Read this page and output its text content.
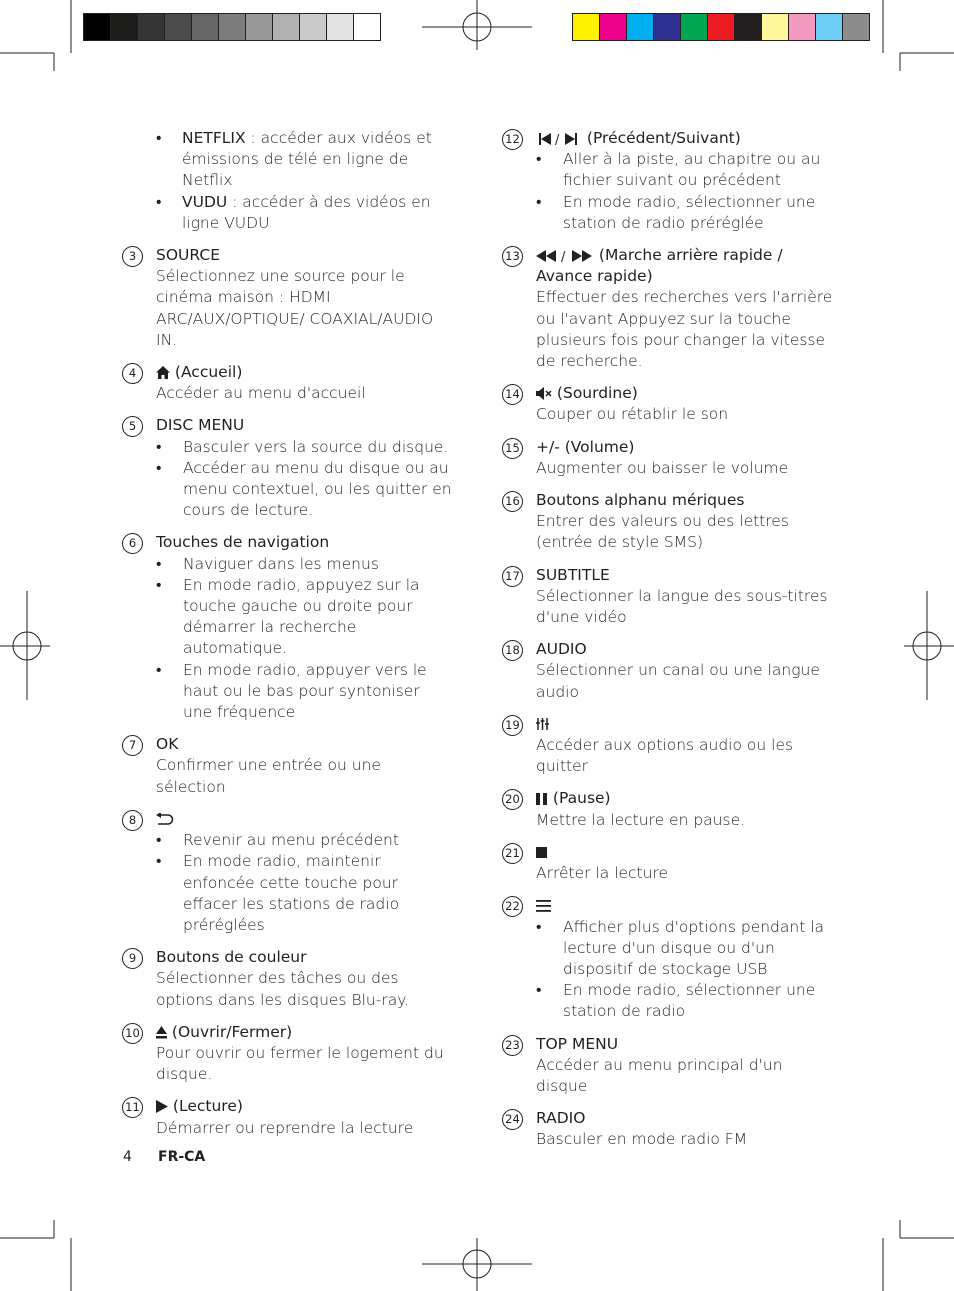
• NETFLIX : accéder aux vidéos et émissions de télé en ligne de Netflix
• VUDU : accéder à des vidéos en ligne VUDU
3	SOURCE
Sélectionnez une source pour le cinéma maison : HDMI ARC/AUX/OPTIQUE/ COAXIAL/AUDIO IN.
4	(Accueil)
Accéder au menu d'accueil
5	DISC MENU
• Basculer vers la source du disque.
• Accéder au menu du disque ou au menu contextuel, ou les quitter en cours de lecture.
6	Touches de navigation
• Naviguer dans les menus
• En mode radio, appuyez sur la touche gauche ou droite pour démarrer la recherche automatique.
• En mode radio, appuyer vers le haut ou le bas pour syntoniser une fréquence
7	OK
Confirmer une entrée ou une sélection
8
• Revenir au menu précédent
• En mode radio, maintenir enfoncée cette touche pour effacer les stations de radio préréglées
9	Boutons de couleur
Sélectionner des tâches ou des options dans les disques Blu-ray.
10	(Ouvrir/Fermer)
Pour ouvrir ou fermer le logement du disque.
11	(Lecture)
Démarrer ou reprendre la lecture
12	/ (Précédent/Suivant)
• Aller à la piste, au chapitre ou au fichier suivant ou précédent
• En mode radio, sélectionner une station de radio préréglée
13	/ (Marche arrière rapide / Avance rapide)
Effectuer des recherches vers l'arrière ou l'avant Appuyez sur la touche plusieurs fois pour changer la vitesse de recherche.
14	(Sourdine)
Couper ou rétablir le son
15 +/- (Volume)
Augmenter ou baisser le volume
16 Boutons alphanu mériques
Entrer des valeurs ou des lettres (entrée de style SMS)
17 SUBTITLE
Sélectionner la langue des sous-titres d'une vidéo
18 AUDIO
Sélectionner un canal ou une langue audio
19
Accéder aux options audio ou les quitter
20	(Pause)
Mettre la lecture en pause.
21
Arrêter la lecture
22
• Afficher plus d'options pendant la lecture d'un disque ou d'un dispositif de stockage USB
• En mode radio, sélectionner une station de radio
23 TOP MENU
Accéder au menu principal d'un disque
24 RADIO
Basculer en mode radio FM
4 FR-CA
